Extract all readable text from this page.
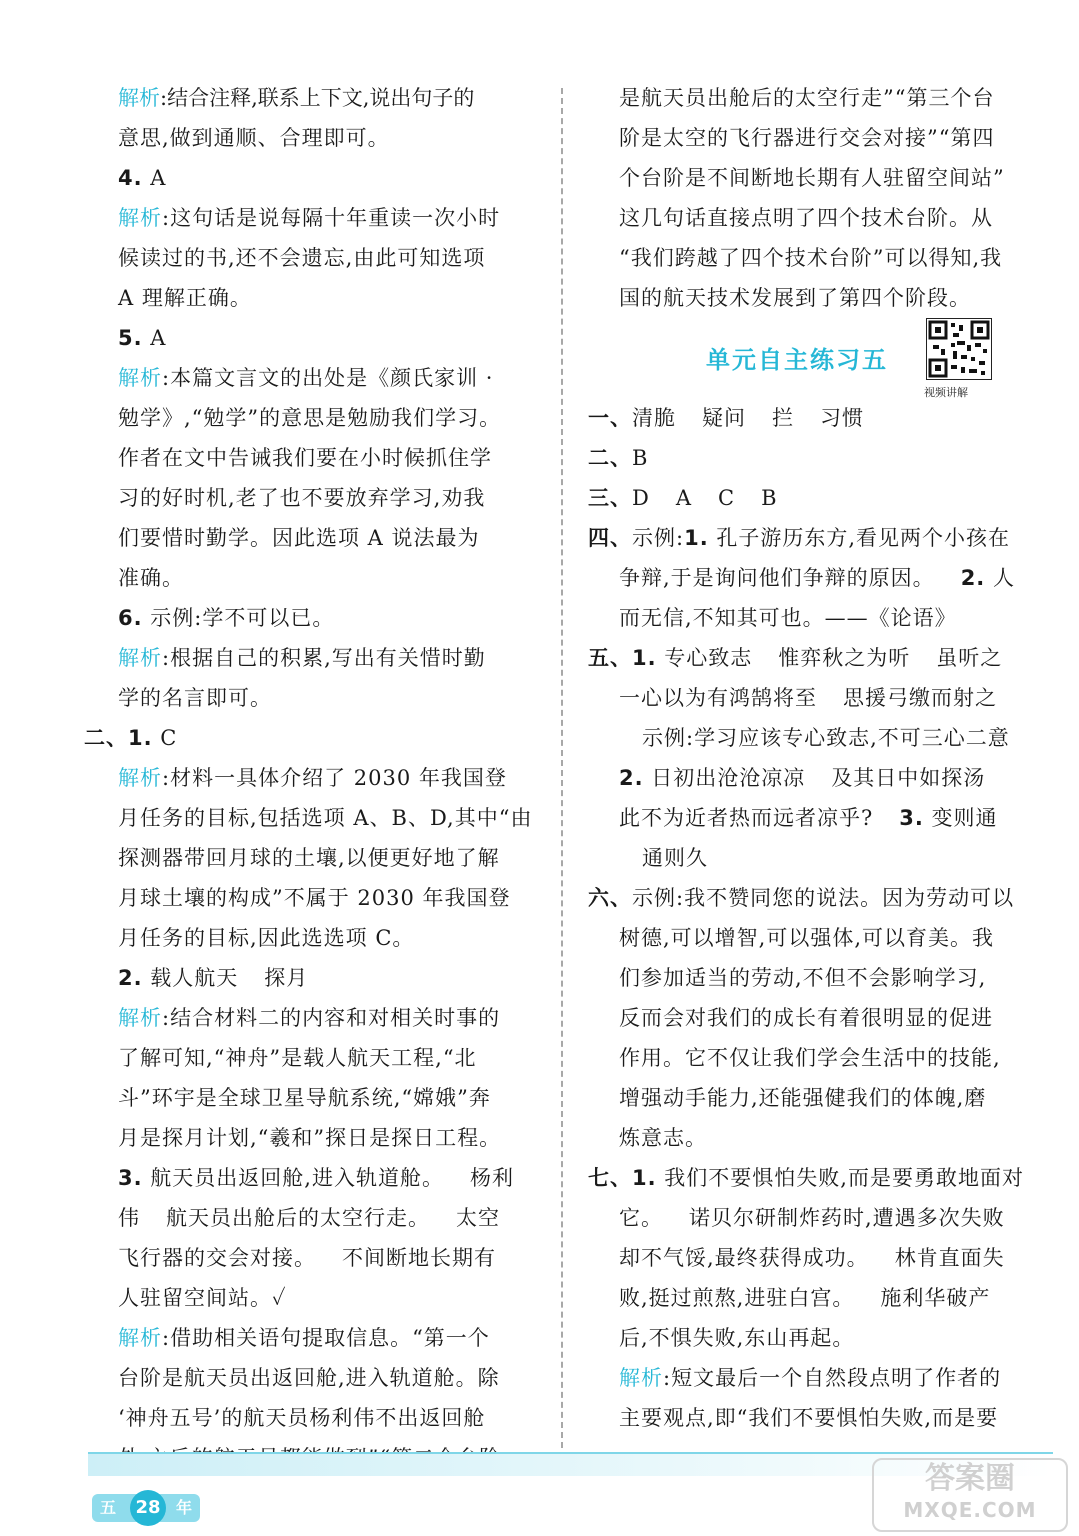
解析:结合注释,联系上下文,说出句子的
意思,做到通顺、合理即可。
4. A
解析:这句话是说每隔十年重读一次小时
候读过的书,还不会遗忘,由此可知选项
A 理解正确。
5. A
解析:本篇文言文的出处是《颜氏家训 ·
勉学》,“勉学”的意思是勉励我们学习。
作者在文中告诫我们要在小时候抓住学
习的好时机,老了也不要放弃学习,劝我
们要惜时勤学。因此选项 A 说法最为
准确。
6. 示例:学不可以已。
解析:根据自己的积累,写出有关惜时勤
学的名言即可。
二、1. C
解析:材料一具体介绍了 2030 年我国登
月任务的目标,包括选项 A、B、D,其中“由
探测器带回月球的土壤,以便更好地了解
月球土壤的构成”不属于 2030 年我国登
月任务的目标,因此选选项 C。
2. 载人航天 探月
解析:结合材料二的内容和对相关时事的
了解可知,“神舟”是载人航天工程,“北
斗”环宇是全球卫星导航系统,“嫦娥”奔
月是探月计划,“羲和”探日是探日工程。
3. 航天员出返回舱,进入轨道舱。 杨利
伟 航天员出舱后的太空行走。 太空
飞行器的交会对接。 不间断地长期有
人驻留空间站。✓
解析:借助相关语句提取信息。“第一个
台阶是航天员出返回舱,进入轨道舱。除
‘神舟五号’的航天员杨利伟不出返回舱
是航天员出舱后的太空行走”“第三个台
阶是太空的飞行器进行交会对接”“第四
个台阶是不间断地长期有人驻留空间站”
这几句话直接点明了四个技术台阶。从
“我们跨越了四个技术台阶”可以得知,我
国的航天技术发展到了第四个阶段。
单元自主练习五
视频讲解
一、清脆 疑问 拦 习惯
二、B
三、D A C B
四、示例:1. 孔子游历东方,看见两个小孩在
争辩,于是询问他们争辩的原因。 2. 人
而无信,不知其可也。——《论语》
五、1. 专心致志 惟弈秋之为听 虽听之
一心以为有鸿鹄将至 思援弓缴而射之
示例:学习应该专心致志,不可三心二意
2. 日初出沧沧凉凉 及其日中如探汤
此不为近者热而远者凉乎? 3. 变则通
通则久
六、示例:我不赞同您的说法。因为劳动可以
树德,可以增智,可以强体,可以育美。我
们参加适当的劳动,不但不会影响学习,
反而会对我们的成长有着很明显的促进
作用。它不仅让我们学会生活中的技能,
增强动手能力,还能强健我们的体魄,磨
炼意志。
七、1. 我们不要惧怕失败,而是要勇敢地面对
它。 诺贝尔研制炸药时,遭遇多次失败
却不气馁,最终获得成功。 林肯直面失
败,挺过煎熬,进驻白宫。 施利华破产
后,不惧失败,东山再起。
解析:短文最后一个自然段点明了作者的
主要观点,即“我们不要惧怕失败,而是要
五	28 年
答案圈
MXQE.COM
